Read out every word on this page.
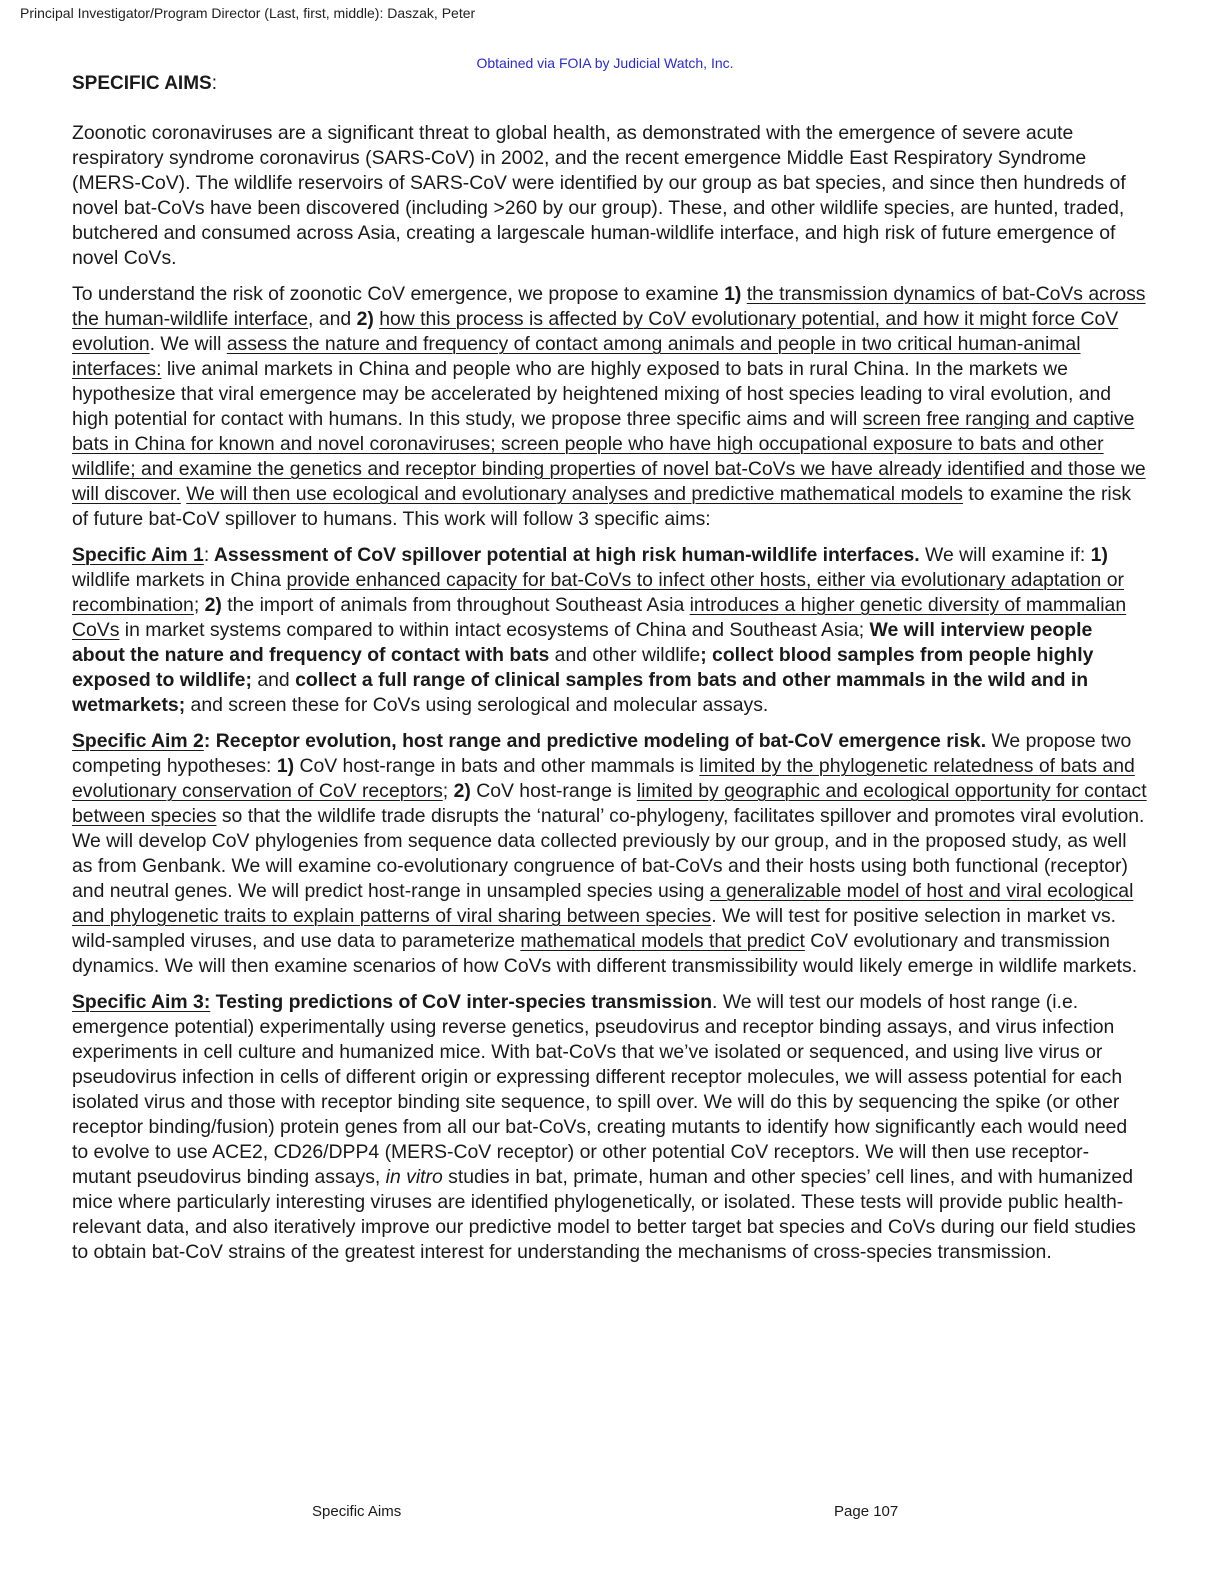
Principal Investigator/Program Director (Last, first, middle): Daszak, Peter
Obtained via FOIA by Judicial Watch, Inc.
SPECIFIC AIMS:

Zoonotic coronaviruses are a significant threat to global health, as demonstrated with the emergence of severe acute respiratory syndrome coronavirus (SARS-CoV) in 2002, and the recent emergence Middle East Respiratory Syndrome (MERS-CoV). The wildlife reservoirs of SARS-CoV were identified by our group as bat species, and since then hundreds of novel bat-CoVs have been discovered (including >260 by our group). These, and other wildlife species, are hunted, traded, butchered and consumed across Asia, creating a largescale human-wildlife interface, and high risk of future emergence of novel CoVs.

To understand the risk of zoonotic CoV emergence, we propose to examine 1) the transmission dynamics of bat-CoVs across the human-wildlife interface, and 2) how this process is affected by CoV evolutionary potential, and how it might force CoV evolution. We will assess the nature and frequency of contact among animals and people in two critical human-animal interfaces: live animal markets in China and people who are highly exposed to bats in rural China. In the markets we hypothesize that viral emergence may be accelerated by heightened mixing of host species leading to viral evolution, and high potential for contact with humans. In this study, we propose three specific aims and will screen free ranging and captive bats in China for known and novel coronaviruses; screen people who have high occupational exposure to bats and other wildlife; and examine the genetics and receptor binding properties of novel bat-CoVs we have already identified and those we will discover. We will then use ecological and evolutionary analyses and predictive mathematical models to examine the risk of future bat-CoV spillover to humans. This work will follow 3 specific aims:

Specific Aim 1: Assessment of CoV spillover potential at high risk human-wildlife interfaces. We will examine if: 1) wildlife markets in China provide enhanced capacity for bat-CoVs to infect other hosts, either via evolutionary adaptation or recombination; 2) the import of animals from throughout Southeast Asia introduces a higher genetic diversity of mammalian CoVs in market systems compared to within intact ecosystems of China and Southeast Asia; We will interview people about the nature and frequency of contact with bats and other wildlife; collect blood samples from people highly exposed to wildlife; and collect a full range of clinical samples from bats and other mammals in the wild and in wetmarkets; and screen these for CoVs using serological and molecular assays.

Specific Aim 2: Receptor evolution, host range and predictive modeling of bat-CoV emergence risk. We propose two competing hypotheses: 1) CoV host-range in bats and other mammals is limited by the phylogenetic relatedness of bats and evolutionary conservation of CoV receptors; 2) CoV host-range is limited by geographic and ecological opportunity for contact between species so that the wildlife trade disrupts the ‘natural’ co-phylogeny, facilitates spillover and promotes viral evolution. We will develop CoV phylogenies from sequence data collected previously by our group, and in the proposed study, as well as from Genbank. We will examine co-evolutionary congruence of bat-CoVs and their hosts using both functional (receptor) and neutral genes. We will predict host-range in unsampled species using a generalizable model of host and viral ecological and phylogenetic traits to explain patterns of viral sharing between species. We will test for positive selection in market vs. wild-sampled viruses, and use data to parameterize mathematical models that predict CoV evolutionary and transmission dynamics. We will then examine scenarios of how CoVs with different transmissibility would likely emerge in wildlife markets.

Specific Aim 3: Testing predictions of CoV inter-species transmission. We will test our models of host range (i.e. emergence potential) experimentally using reverse genetics, pseudovirus and receptor binding assays, and virus infection experiments in cell culture and humanized mice. With bat-CoVs that we’ve isolated or sequenced, and using live virus or pseudovirus infection in cells of different origin or expressing different receptor molecules, we will assess potential for each isolated virus and those with receptor binding site sequence, to spill over. We will do this by sequencing the spike (or other receptor binding/fusion) protein genes from all our bat-CoVs, creating mutants to identify how significantly each would need to evolve to use ACE2, CD26/DPP4 (MERS-CoV receptor) or other potential CoV receptors. We will then use receptor-mutant pseudovirus binding assays, in vitro studies in bat, primate, human and other species’ cell lines, and with humanized mice where particularly interesting viruses are identified phylogenetically, or isolated. These tests will provide public health-relevant data, and also iteratively improve our predictive model to better target bat species and CoVs during our field studies to obtain bat-CoV strains of the greatest interest for understanding the mechanisms of cross-species transmission.

Specific Aims	Page 107
